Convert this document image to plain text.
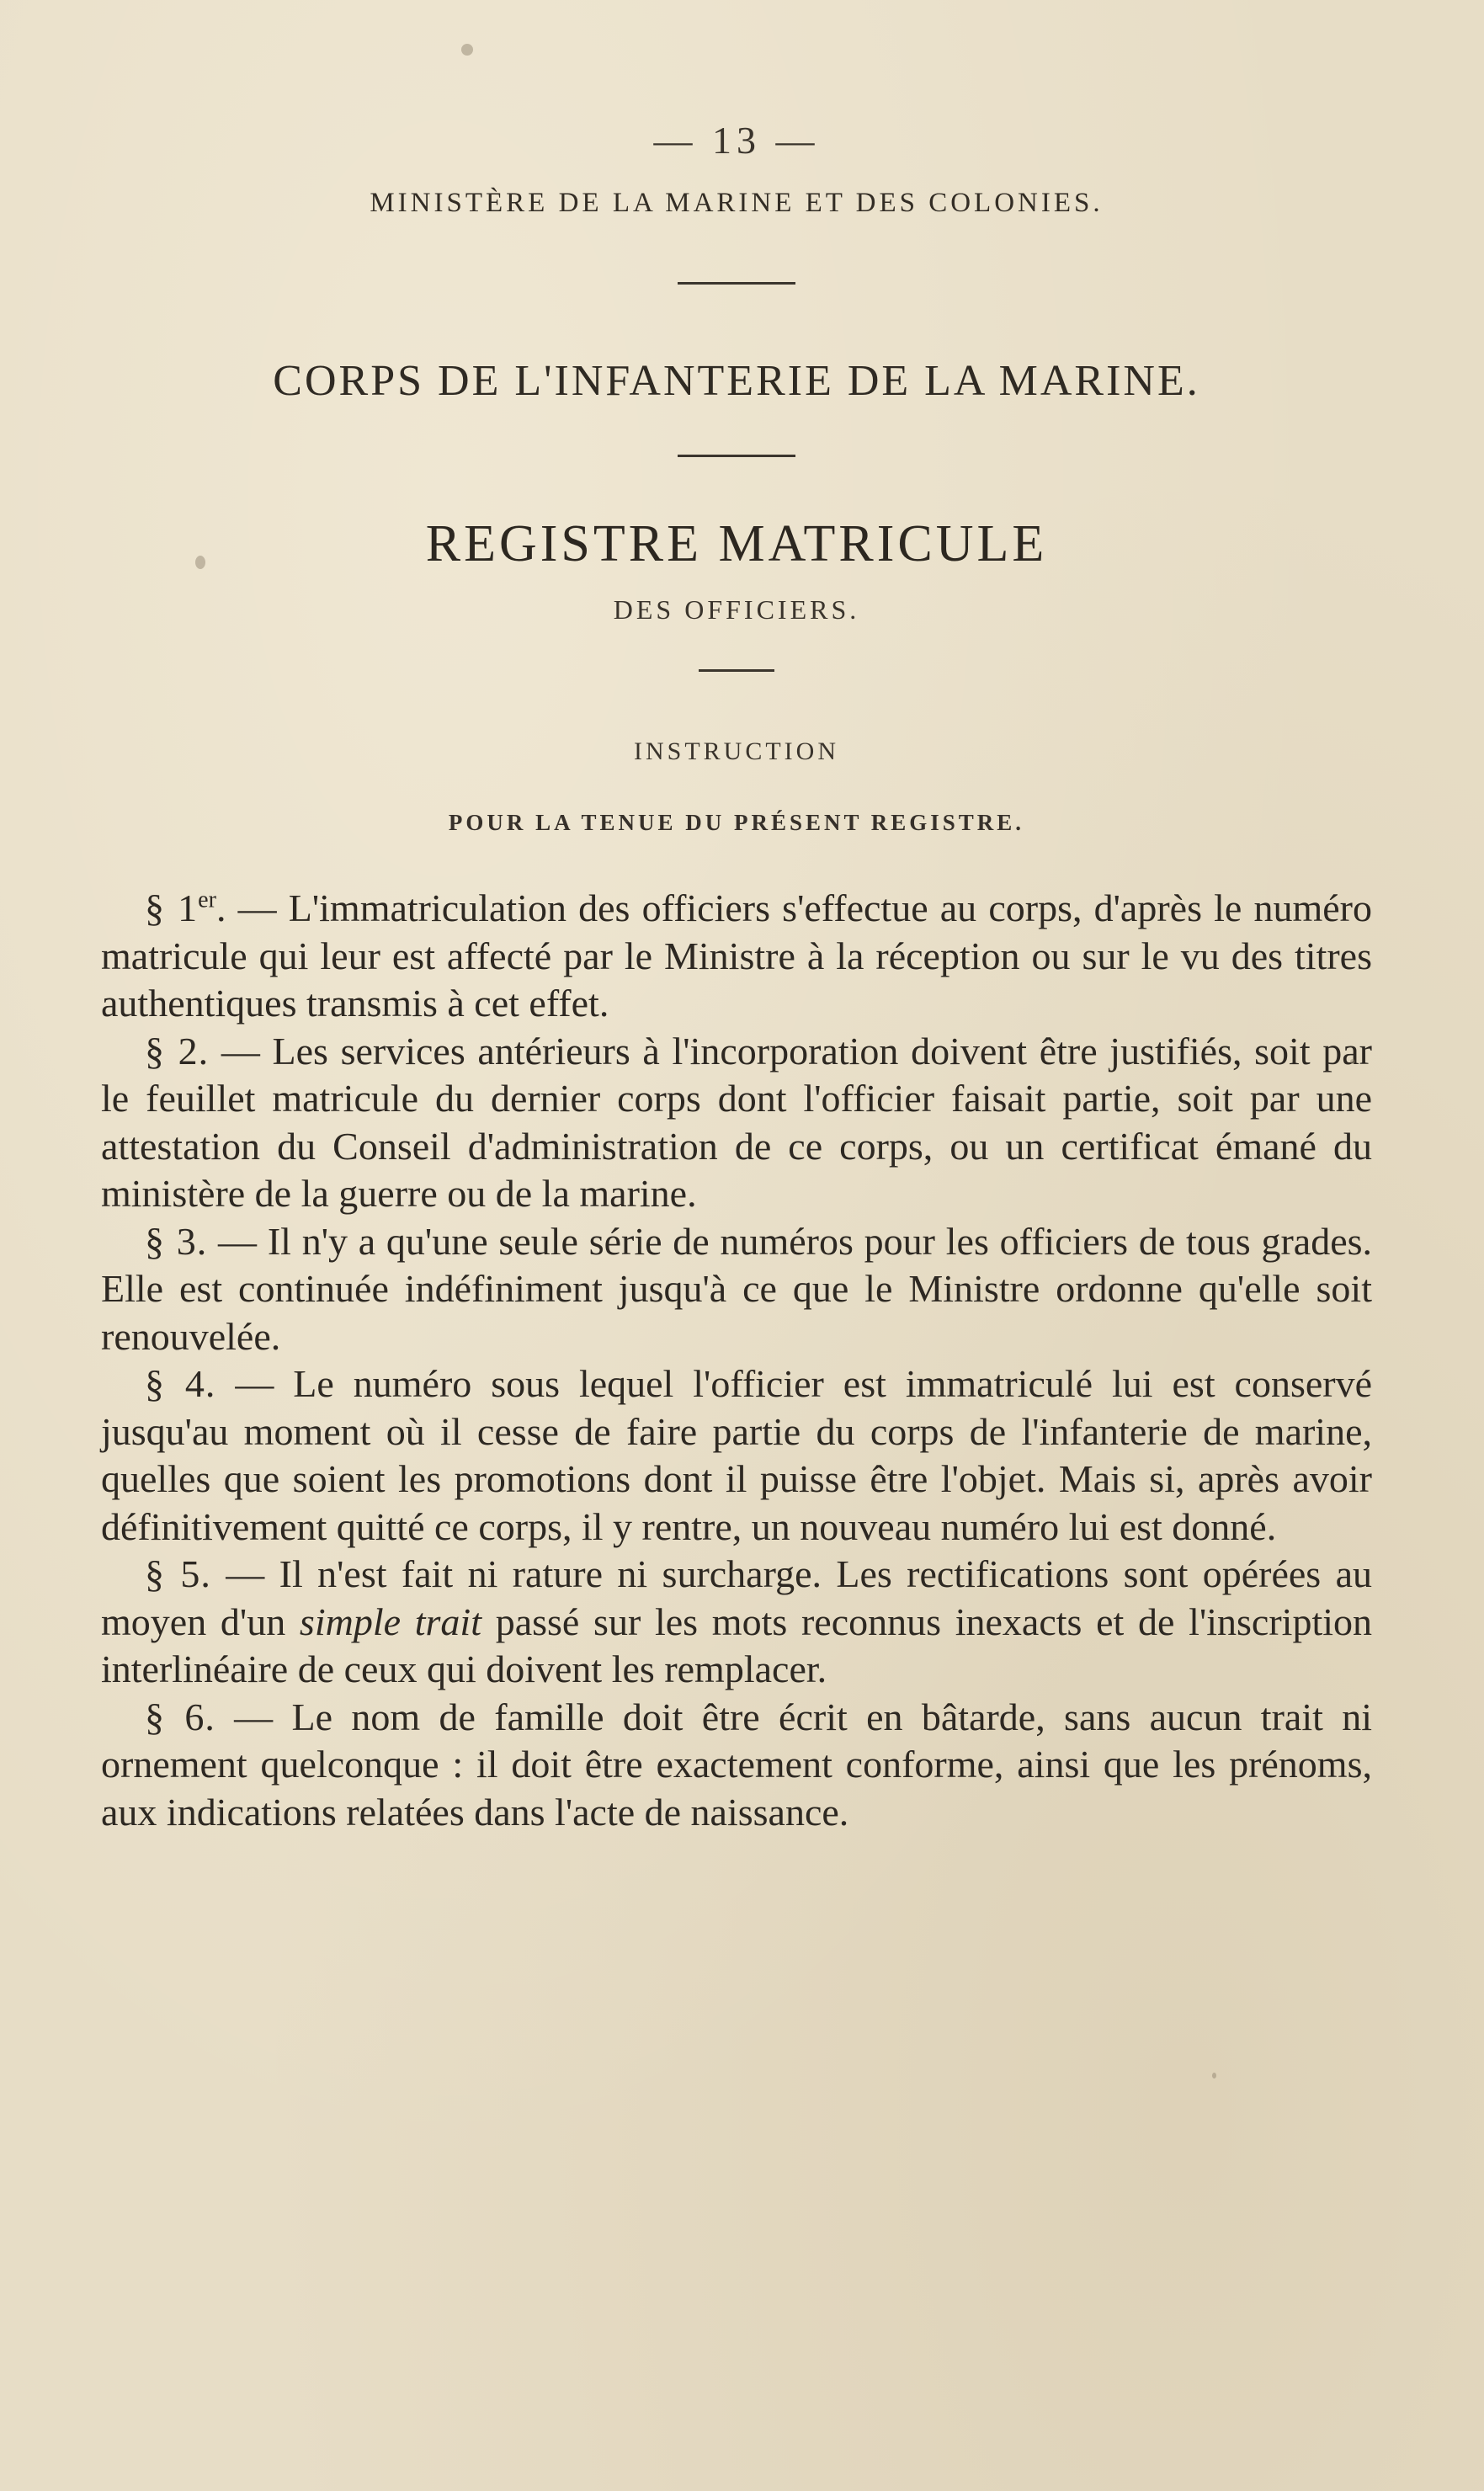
— 13 —
MINISTÈRE DE LA MARINE ET DES COLONIES.
CORPS DE L'INFANTERIE DE LA MARINE.
REGISTRE MATRICULE
DES OFFICIERS.
INSTRUCTION
POUR LA TENUE DU PRÉSENT REGISTRE.

§ 1er. — L'immatriculation des officiers s'effectue au corps, d'après le numéro matricule qui leur est affecté par le Ministre à la réception ou sur le vu des titres authentiques transmis à cet effet.

§ 2. — Les services antérieurs à l'incorporation doivent être justifiés, soit par le feuillet matricule du dernier corps dont l'officier faisait partie, soit par une attestation du Conseil d'administration de ce corps, ou un certificat émané du ministère de la guerre ou de la marine.

§ 3. — Il n'y a qu'une seule série de numéros pour les officiers de tous grades. Elle est continuée indéfiniment jusqu'à ce que le Ministre ordonne qu'elle soit renouvelée.

§ 4. — Le numéro sous lequel l'officier est immatriculé lui est conservé jusqu'au moment où il cesse de faire partie du corps de l'infanterie de marine, quelles que soient les promotions dont il puisse être l'objet. Mais si, après avoir définitivement quitté ce corps, il y rentre, un nouveau numéro lui est donné.

§ 5. — Il n'est fait ni rature ni surcharge. Les rectifications sont opérées au moyen d'un simple trait passé sur les mots reconnus inexacts et de l'inscription interlinéaire de ceux qui doivent les remplacer.

§ 6. — Le nom de famille doit être écrit en bâtarde, sans aucun trait ni ornement quelconque : il doit être exactement conforme, ainsi que les prénoms, aux indications relatées dans l'acte de naissance.
